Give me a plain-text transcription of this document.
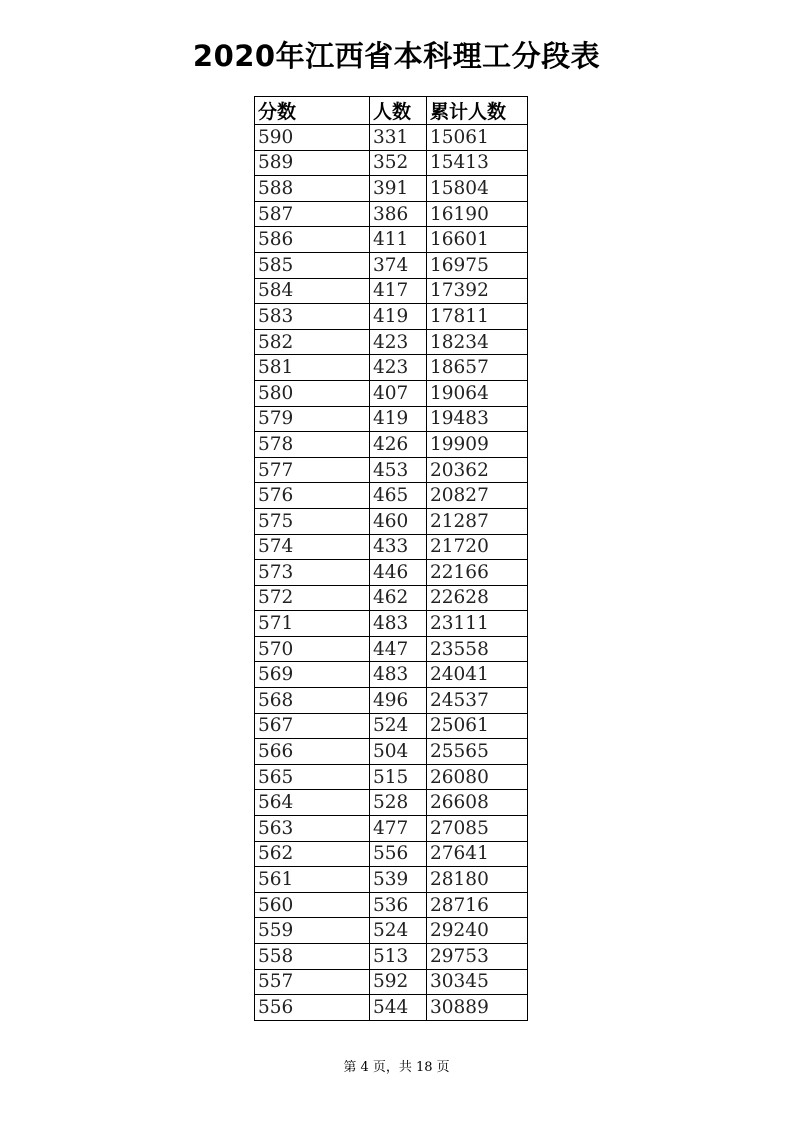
2020年江西省本科理工分段表
分数	人数	累计人数
590	331	15061
589	352	15413
588	391	15804
587	386	16190
586	411	16601
585	374	16975
584	417	17392
583	419	17811
582	423	18234
581	423	18657
580	407	19064
579	419	19483
578	426	19909
577	453	20362
576	465	20827
575	460	21287
574	433	21720
573	446	22166
572	462	22628
571	483	23111
570	447	23558
569	483	24041
568	496	24537
567	524	25061
566	504	25565
565	515	26080
564	528	26608
563	477	27085
562	556	27641
561	539	28180
560	536	28716
559	524	29240
558	513	29753
557	592	30345
556	544	30889
第 4 页，共 18 页
